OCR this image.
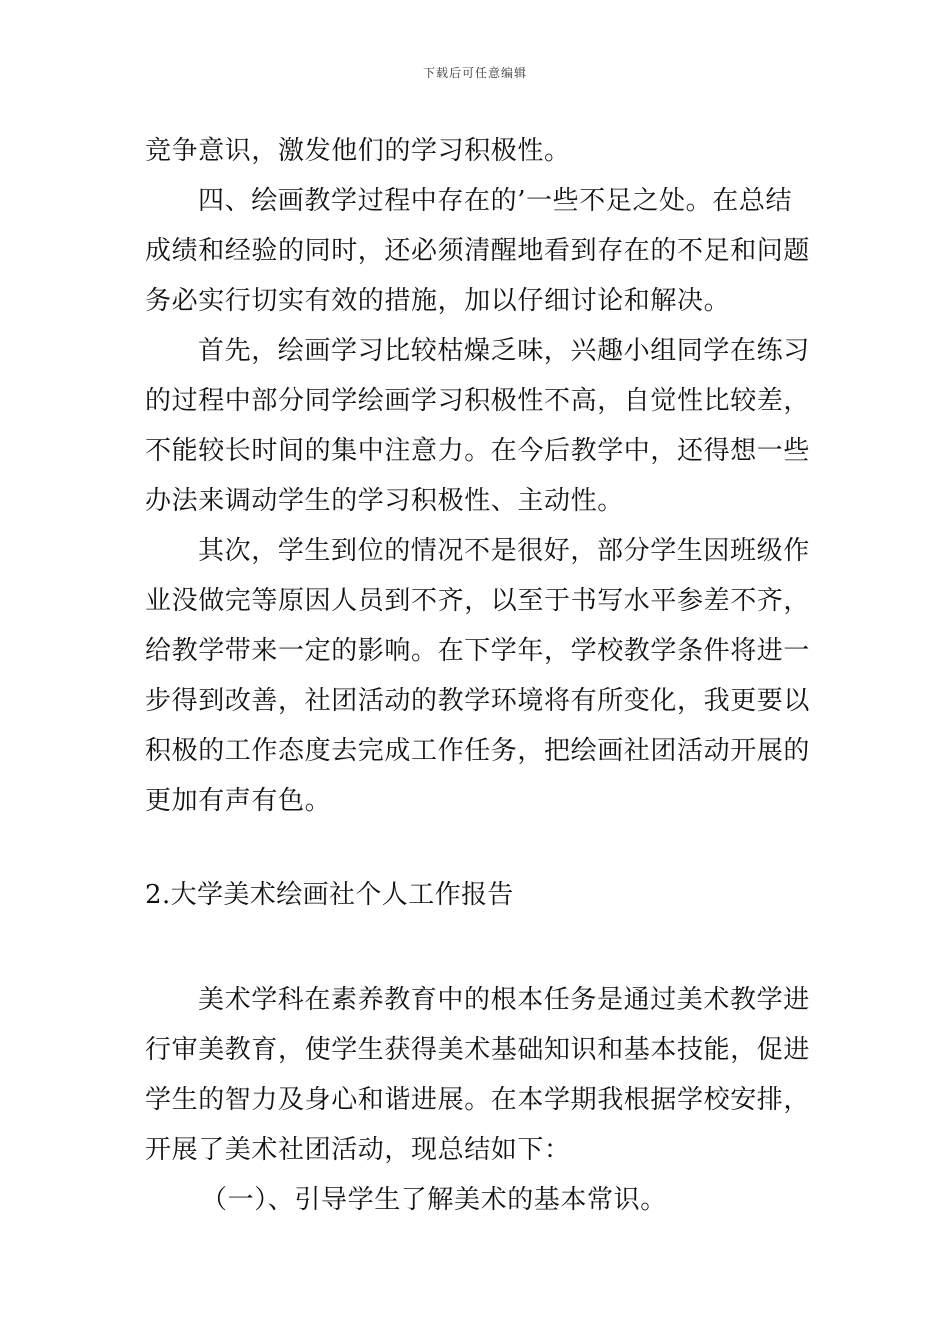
下载后可任意编辑
竞争意识，激发他们的学习积极性。
四、绘画教学过程中存在的’一些不足之处。在总结
成绩和经验的同时，还必须清醒地看到存在的不足和问题
务必实行切实有效的措施，加以仔细讨论和解决。
首先，绘画学习比较枯燥乏味，兴趣小组同学在练习
的过程中部分同学绘画学习积极性不高，自觉性比较差，
不能较长时间的集中注意力。在今后教学中，还得想一些
办法来调动学生的学习积极性、主动性。
其次，学生到位的情况不是很好，部分学生因班级作
业没做完等原因人员到不齐，以至于书写水平参差不齐，
给教学带来一定的影响。在下学年，学校教学条件将进一
步得到改善，社团活动的教学环境将有所变化，我更要以
积极的工作态度去完成工作任务，把绘画社团活动开展的
更加有声有色。
2.大学美术绘画社个人工作报告
美术学科在素养教育中的根本任务是通过美术教学进
行审美教育，使学生获得美术基础知识和基本技能，促进
学生的智力及身心和谐进展。在本学期我根据学校安排，
开展了美术社团活动，现总结如下：
（一）、引导学生了解美术的基本常识。
